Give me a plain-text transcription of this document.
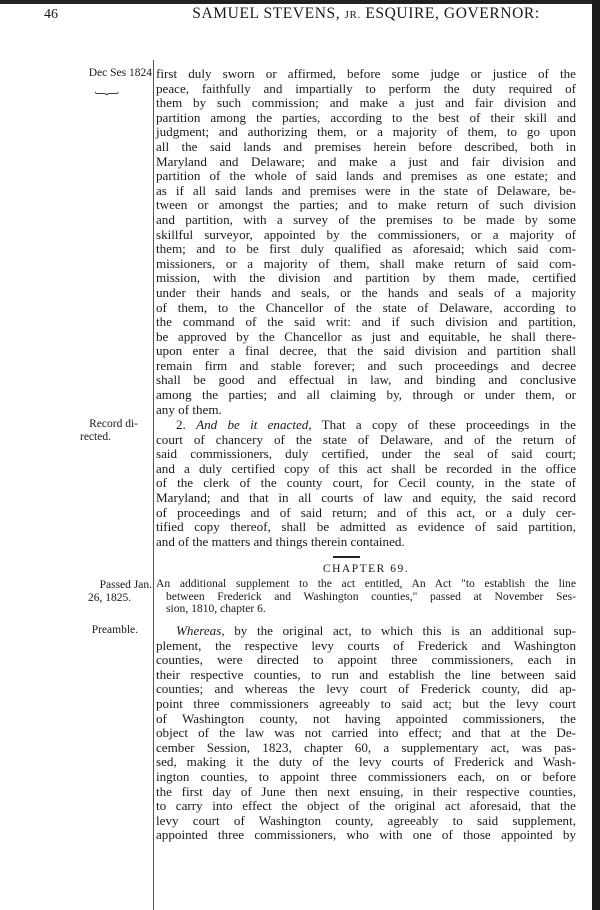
46	SAMUEL STEVENS, JR. ESQUIRE, GOVERNOR:
Dec Ses 1824
}
first duly sworn or affirmed, before some judge or justice of the
peace, faithfully and impartially to perform the duty required of
them by such commission; and make a just and fair division and
partition among the parties, according to the best of their skill and
judgment; and authorizing them, or a majority of them, to go upon
all the said lands and premises herein before described, both in
Maryland and Delaware; and make a just and fair division and
partition of the whole of said lands and premises as one estate; and
as if all said lands and premises were in the state of Delaware, be-
tween or amongst the parties; and to make return of such division
and partition, with a survey of the premises to be made by some
skillful surveyor, appointed by the commissioners, or a majority of
them; and to be first duly qualified as aforesaid; which said com-
missioners, or a majority of them, shall make return of said com-
mission, with the division and partition by them made, certified
under their hands and seals, or the hands and seals of a majority
of them, to the Chancellor of the state of Delaware, according to
the command of the said writ: and if such division and partition,
be approved by the Chancellor as just and equitable, he shall there-
upon enter a final decree, that the said division and partition shall
remain firm and stable forever; and such proceedings and decree
shall be good and effectual in law, and binding and conclusive
among the parties; and all claiming by, through or under them, or
any of them.
Record di-
rected.
2. And be it enacted, That a copy of these proceedings in the
court of chancery of the state of Delaware, and of the return of
said commissioners, duly certified, under the seal of said court;
and a duly certified copy of this act shall be recorded in the office
of the clerk of the county court, for Cecil county, in the state of
Maryland; and that in all courts of law and equity, the said record
of proceedings and of said return; and of this act, or a duly cer-
tified copy thereof, shall be admitted as evidence of said partition,
and of the matters and things therein contained.
CHAPTER 69.
Passed Jan.
26, 1825.
An additional supplement to the act entitled, An Act "to establish the line
between Frederick and Washington counties," passed at November Ses-
sion, 1810, chapter 6.
Preamble.	Whereas, by the original act, to which this is an additional sup-
plement, the respective levy courts of Frederick and Washington
counties, were directed to appoint three commissioners, each in
their respective counties, to run and establish the line between said
counties; and whereas the levy court of Frederick county, did ap-
point three commissioners agreeably to said act; but the levy court
of Washington county, not having appointed commissioners, the
object of the law was not carried into effect; and that at the De-
cember Session, 1823, chapter 60, a supplementary act, was pas-
sed, making it the duty of the levy courts of Frederick and Wash-
ington counties, to appoint three commissioners each, on or before
the first day of June then next ensuing, in their respective counties,
to carry into effect the object of the original act aforesaid, that the
levy court of Washington county, agreeably to said supplement,
appointed three commissioners, who with one of those appointed by
